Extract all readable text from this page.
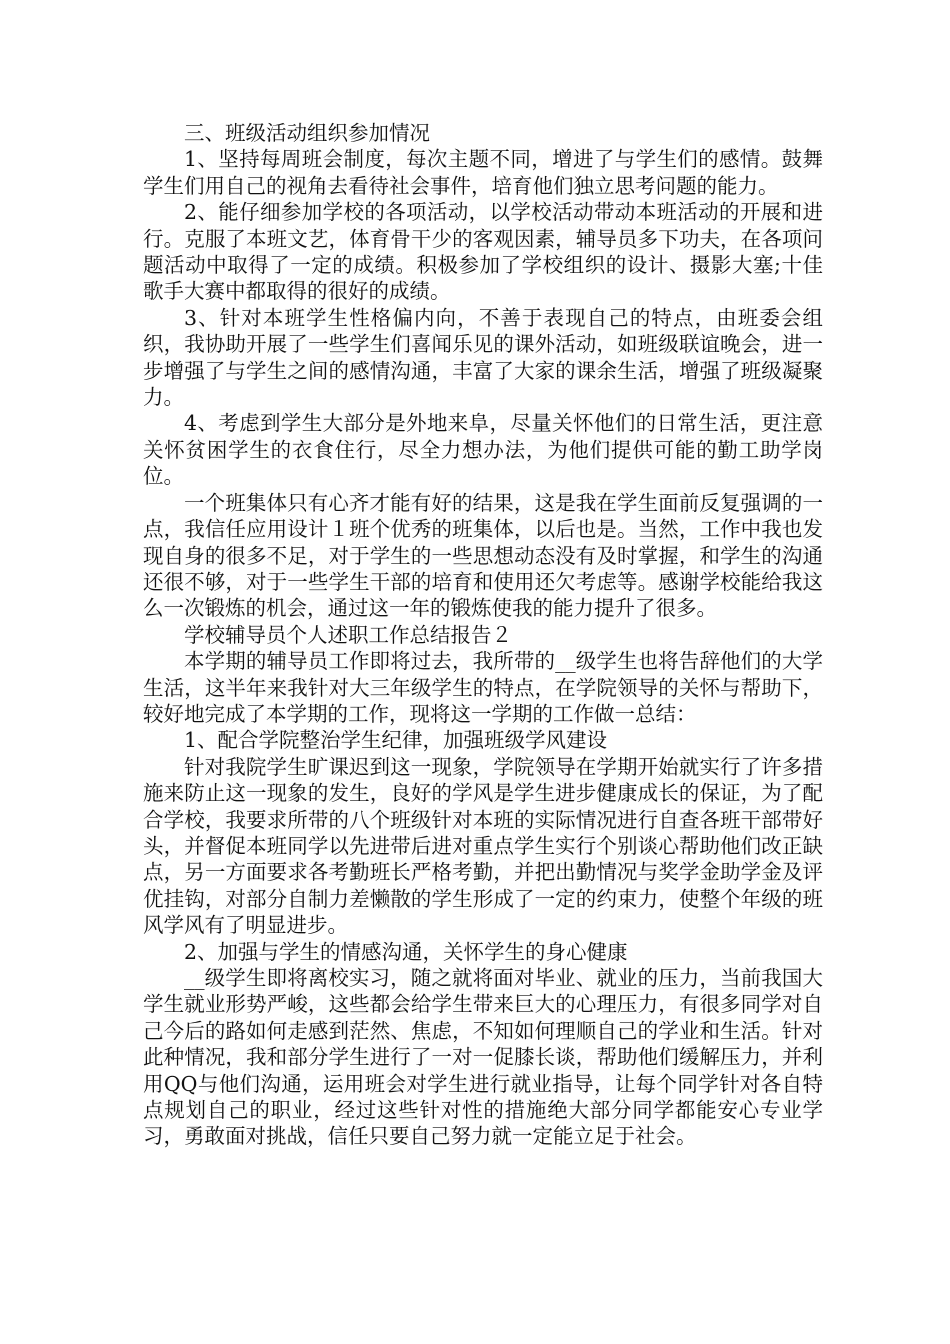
三、班级活动组织参加情况

1、坚持每周班会制度，每次主题不同，增进了与学生们的感情。鼓舞学生们用自己的视角去看待社会事件，培育他们独立思考问题的能力。

2、能仔细参加学校的各项活动，以学校活动带动本班活动的开展和进行。克服了本班文艺，体育骨干少的客观因素，辅导员多下功夫，在各项问题活动中取得了一定的成绩。积极参加了学校组织的设计、摄影大塞;十佳歌手大赛中都取得的很好的成绩。

3、针对本班学生性格偏内向，不善于表现自己的特点，由班委会组织，我协助开展了一些学生们喜闻乐见的课外活动，如班级联谊晚会，进一步增强了与学生之间的感情沟通，丰富了大家的课余生活，增强了班级凝聚力。

4、考虑到学生大部分是外地来阜，尽量关怀他们的日常生活，更注意关怀贫困学生的衣食住行，尽全力想办法，为他们提供可能的勤工助学岗位。

一个班集体只有心齐才能有好的结果，这是我在学生面前反复强调的一点，我信任应用设计１班个优秀的班集体，以后也是。当然，工作中我也发现自身的很多不足，对于学生的一些思想动态没有及时掌握，和学生的沟通还很不够，对于一些学生干部的培育和使用还欠考虑等。感谢学校能给我这么一次锻炼的机会，通过这一年的锻炼使我的能力提升了很多。

学校辅导员个人述职工作总结报告２

本学期的辅导员工作即将过去，我所带的__级学生也将告辞他们的大学生活，这半年来我针对大三年级学生的特点，在学院领导的关怀与帮助下，较好地完成了本学期的工作，现将这一学期的工作做一总结：

1、配合学院整治学生纪律，加强班级学风建设

针对我院学生旷课迟到这一现象，学院领导在学期开始就实行了许多措施来防止这一现象的发生，良好的学风是学生进步健康成长的保证，为了配合学校，我要求所带的八个班级针对本班的实际情况进行自查各班干部带好头，并督促本班同学以先进带后进对重点学生实行个别谈心帮助他们改正缺点，另一方面要求各考勤班长严格考勤，并把出勤情况与奖学金助学金及评优挂钩，对部分自制力差懒散的学生形成了一定的约束力，使整个年级的班风学风有了明显进步。

2、加强与学生的情感沟通，关怀学生的身心健康

__级学生即将离校实习，随之就将面对毕业、就业的压力，当前我国大学生就业形势严峻，这些都会给学生带来巨大的心理压力，有很多同学对自己今后的路如何走感到茫然、焦虑，不知如何理顺自己的学业和生活。针对此种情况，我和部分学生进行了一对一促膝长谈，帮助他们缓解压力，并利用QQ与他们沟通，运用班会对学生进行就业指导，让每个同学针对各自特点规划自己的职业，经过这些针对性的措施绝大部分同学都能安心专业学习，勇敢面对挑战，信任只要自己努力就一定能立足于社会。
